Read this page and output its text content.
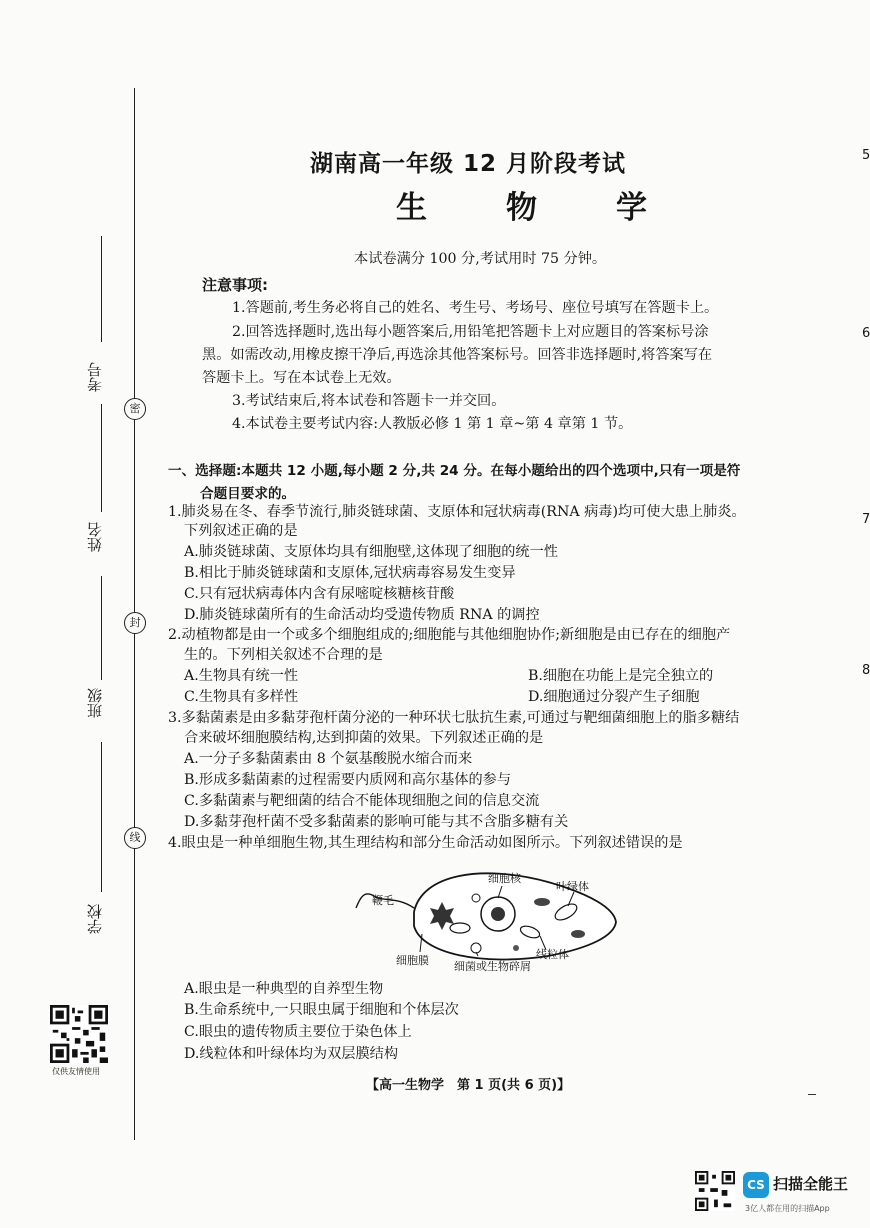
密
封
线
考号
姓名
班级
学校
仅供友情使用
湖南高一年级 12 月阶段考试
生　物　学
本试卷满分 100 分,考试用时 75 分钟。
注意事项:
1.答题前,考生务必将自己的姓名、考生号、考场号、座位号填写在答题卡上。
2.回答选择题时,选出每小题答案后,用铅笔把答题卡上对应题目的答案标号涂
黑。如需改动,用橡皮擦干净后,再选涂其他答案标号。回答非选择题时,将答案写在
答题卡上。写在本试卷上无效。
3.考试结束后,将本试卷和答题卡一并交回。
4.本试卷主要考试内容:人教版必修 1 第 1 章~第 4 章第 1 节。
一、选择题:本题共 12 小题,每小题 2 分,共 24 分。在每小题给出的四个选项中,只有一项是符
合题目要求的。
1.肺炎易在冬、春季节流行,肺炎链球菌、支原体和冠状病毒(RNA 病毒)均可使大患上肺炎。
下列叙述正确的是
A.肺炎链球菌、支原体均具有细胞壁,这体现了细胞的统一性
B.相比于肺炎链球菌和支原体,冠状病毒容易发生变异
C.只有冠状病毒体内含有尿嘧啶核糖核苷酸
D.肺炎链球菌所有的生命活动均受遗传物质 RNA 的调控
2.动植物都是由一个或多个细胞组成的;细胞能与其他细胞协作;新细胞是由已存在的细胞产
生的。下列相关叙述不合理的是
A.生物具有统一性	B.细胞在功能上是完全独立的
C.生物具有多样性	D.细胞通过分裂产生子细胞
3.多黏菌素是由多黏芽孢杆菌分泌的一种环状七肽抗生素,可通过与靶细菌细胞上的脂多糖结
合来破坏细胞膜结构,达到抑菌的效果。下列叙述正确的是
A.一分子多黏菌素由 8 个氨基酸脱水缩合而来
B.形成多黏菌素的过程需要内质网和高尔基体的参与
C.多黏菌素与靶细菌的结合不能体现细胞之间的信息交流
D.多黏芽孢杆菌不受多黏菌素的影响可能与其不含脂多糖有关
4.眼虫是一种单细胞生物,其生理结构和部分生命活动如图所示。下列叙述错误的是
鞭毛
细胞核
叶绿体
细胞膜 细菌或生物碎屑
线粒体
A.眼虫是一种典型的自养型生物
B.生命系统中,一只眼虫属于细胞和个体层次
C.眼虫的遗传物质主要位于染色体上
D.线粒体和叶绿体均为双层膜结构
【高一生物学　第 1 页(共 6 页)】
5
6
7
8
CS 扫描全能王
3亿人都在用的扫描App
